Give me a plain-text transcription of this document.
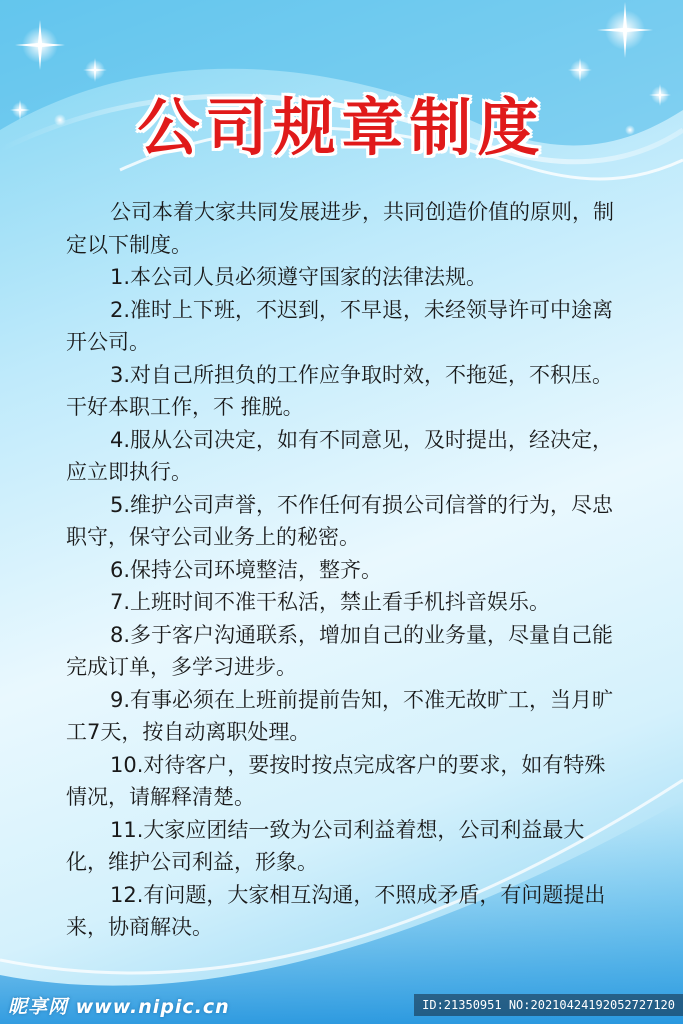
公司规章制度

公司本着大家共同发展进步，共同创造价值的原则，制定以下制度。

1.本公司人员必须遵守国家的法律法规。

2.准时上下班，不迟到，不早退，未经领导许可中途离开公司。

3.对自己所担负的工作应争取时效，不拖延，不积压。干好本职工作，不 推脱。

4.服从公司决定，如有不同意见，及时提出，经决定，应立即执行。

5.维护公司声誉，不作任何有损公司信誉的行为，尽忠职守，保守公司业务上的秘密。

6.保持公司环境整洁，整齐。

7.上班时间不准干私活，禁止看手机抖音娱乐。

8.多于客户沟通联系，增加自己的业务量，尽量自己能完成订单，多学习进步。

9.有事必须在上班前提前告知，不准无故旷工，当月旷工7天，按自动离职处理。

10.对待客户，要按时按点完成客户的要求，如有特殊情况，请解释清楚。

11.大家应团结一致为公司利益着想，公司利益最大化，维护公司利益，形象。

12.有问题，大家相互沟通，不照成矛盾，有问题提出来，协商解决。

昵享网 www.nipic.cn	ID:21350951 NO:20210424192052727120
